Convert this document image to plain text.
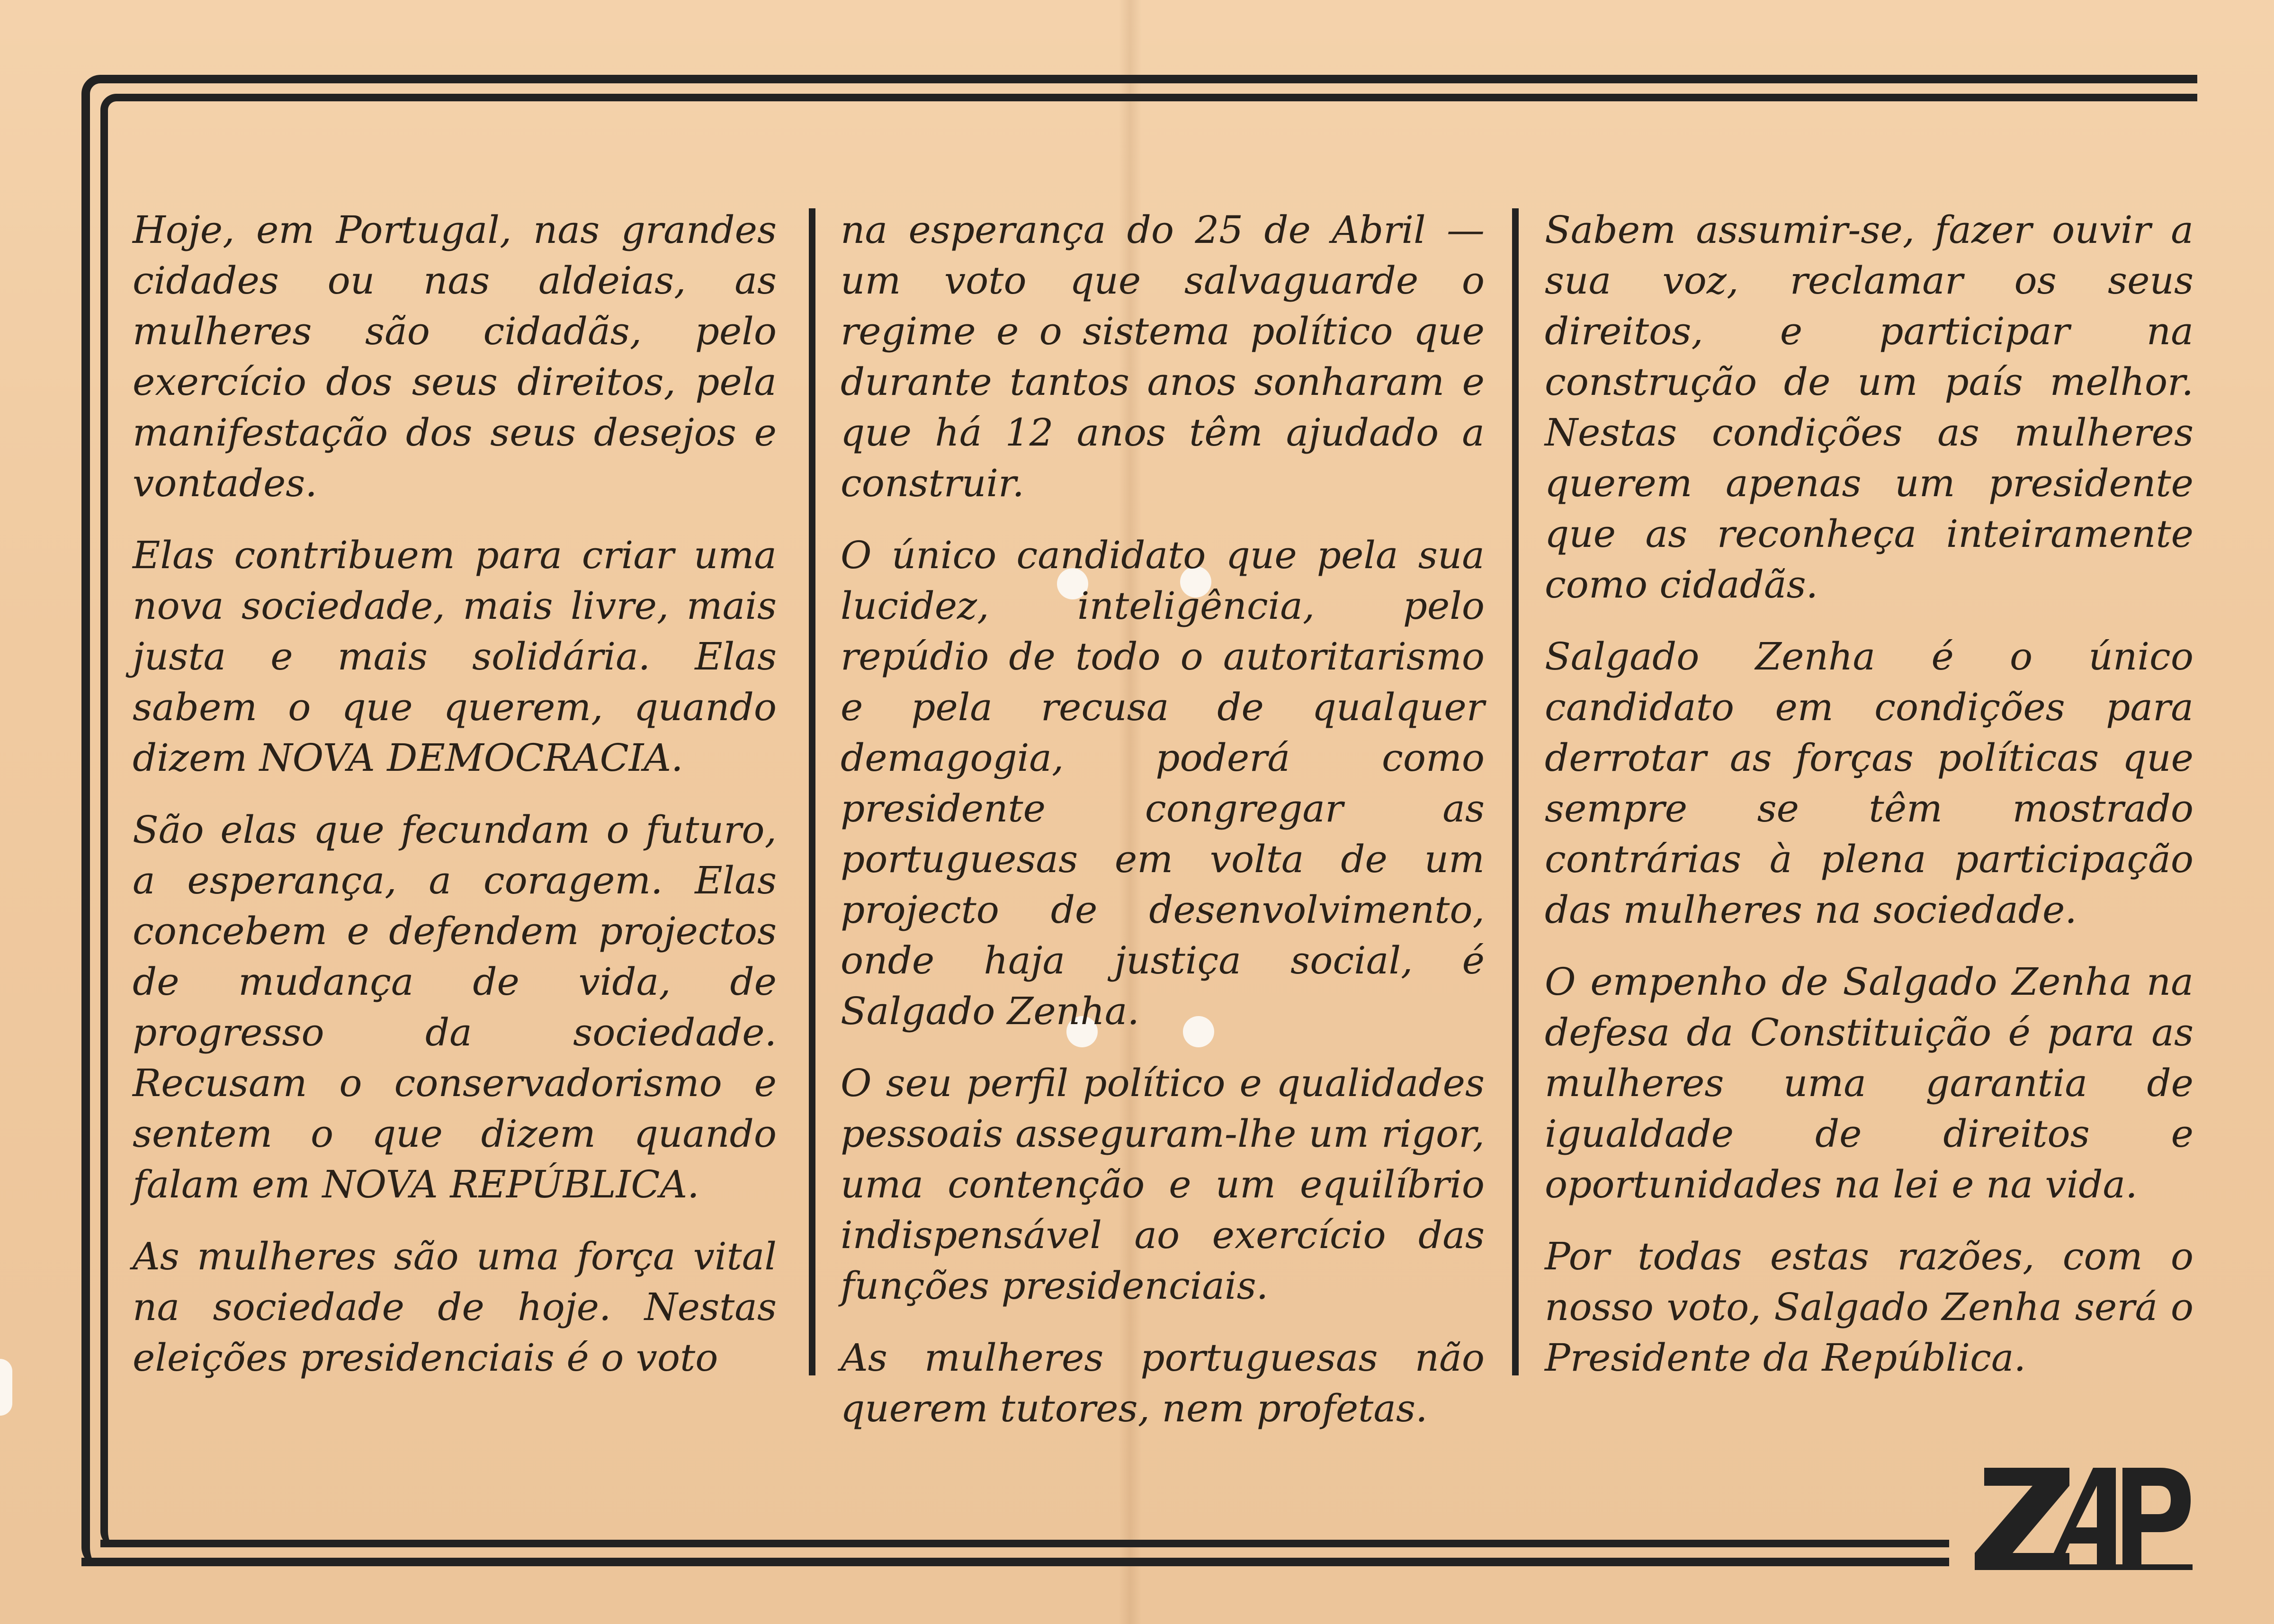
Hoje, em Portugal, nas grandes cidades ou nas aldeias, as mulheres são cidadãs, pelo exercício dos seus direitos, pela manifestação dos seus desejos e vontades.

Elas contribuem para criar uma nova sociedade, mais livre, mais justa e mais solidária. Elas sabem o que querem, quando dizem NOVA DEMOCRACIA.

São elas que fecundam o futuro, a esperança, a coragem. Elas concebem e defendem projectos de mudança de vida, de progresso da sociedade. Recusam o conservadorismo e sentem o que dizem quando falam em NOVA REPÚBLICA.

As mulheres são uma força vital na sociedade de hoje. Nestas eleições presidenciais é o voto

na esperança do 25 de Abril — um voto que salvaguarde o regime e o sistema político que durante tantos anos sonharam e que há 12 anos têm ajudado a construir.

O único candidato que pela sua lucidez, inteligência, pelo repúdio de todo o autoritarismo e pela recusa de qualquer demagogia, poderá como presidente congregar as portuguesas em volta de um projecto de desenvolvimento, onde haja justiça social, é Salgado Zenha.

O seu perfil político e qualidades pessoais asseguram-lhe um rigor, uma contenção e um equilíbrio indispensável ao exercício das funções presidenciais.

As mulheres portuguesas não querem tutores, nem profetas.

Sabem assumir-se, fazer ouvir a sua voz, reclamar os seus direitos, e participar na construção de um país melhor. Nestas condições as mulheres querem apenas um presidente que as reconheça inteiramente como cidadãs.

Salgado Zenha é o único candidato em condições para derrotar as forças políticas que sempre se têm mostrado contrárias à plena participação das mulheres na sociedade.

O empenho de Salgado Zenha na defesa da Constituição é para as mulheres uma garantia de igualdade de direitos e oportunidades na lei e na vida.

Por todas estas razões, com o nosso voto, Salgado Zenha será o Presidente da República.
